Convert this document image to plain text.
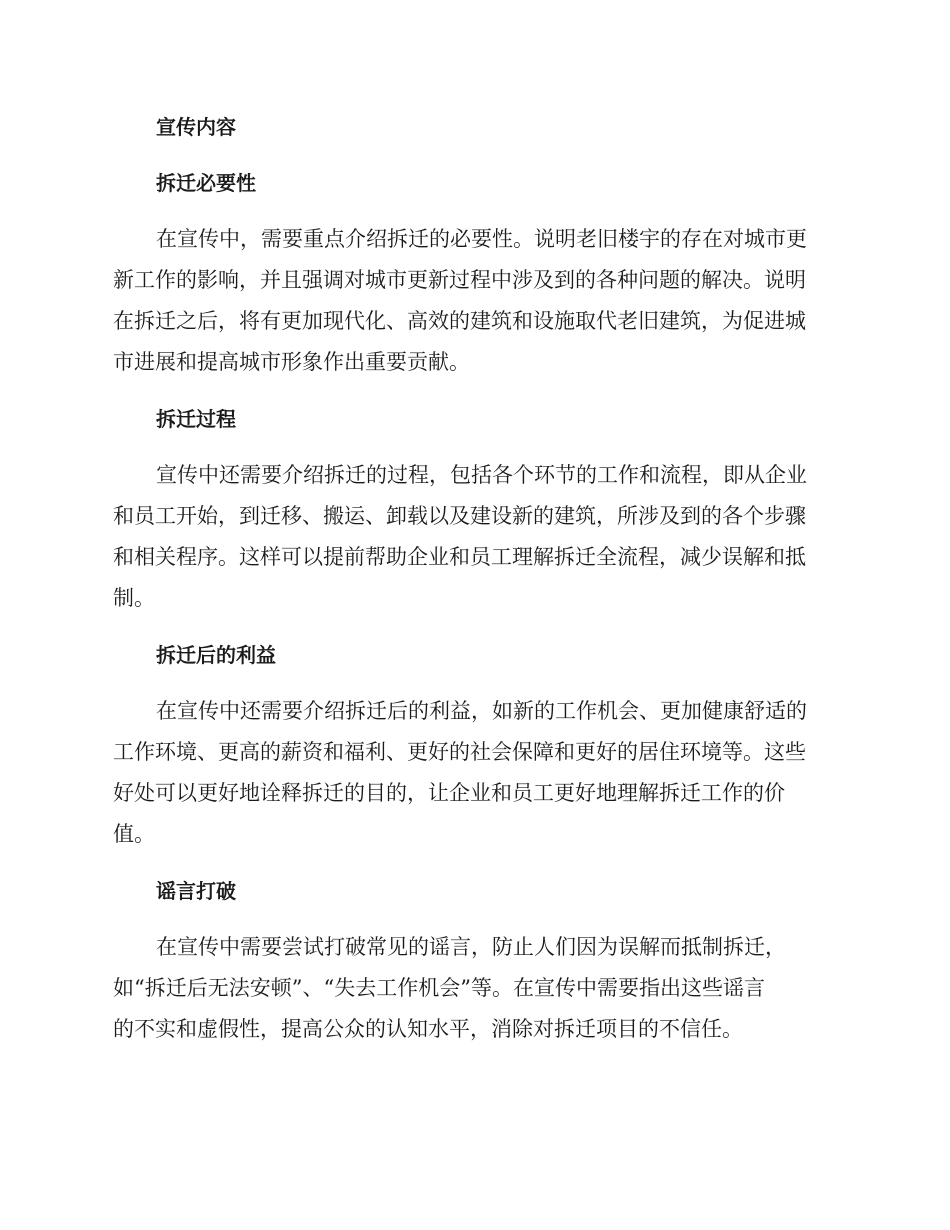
宣传内容
拆迁必要性
在宣传中，需要重点介绍拆迁的必要性。说明老旧楼宇的存在对城市更
新工作的影响，并且强调对城市更新过程中涉及到的各种问题的解决。说明
在拆迁之后，将有更加现代化、高效的建筑和设施取代老旧建筑，为促进城
市进展和提高城市形象作出重要贡献。
拆迁过程
宣传中还需要介绍拆迁的过程，包括各个环节的工作和流程，即从企业
和员工开始，到迁移、搬运、卸载以及建设新的建筑，所涉及到的各个步骤
和相关程序。这样可以提前帮助企业和员工理解拆迁全流程，减少误解和抵
制。
拆迁后的利益
在宣传中还需要介绍拆迁后的利益，如新的工作机会、更加健康舒适的
工作环境、更高的薪资和福利、更好的社会保障和更好的居住环境等。这些
好处可以更好地诠释拆迁的目的，让企业和员工更好地理解拆迁工作的价
值。
谣言打破
在宣传中需要尝试打破常见的谣言，防止人们因为误解而抵制拆迁，
如“拆迁后无法安顿”、“失去工作机会”等。在宣传中需要指出这些谣言
的不实和虚假性，提高公众的认知水平，消除对拆迁项目的不信任。
